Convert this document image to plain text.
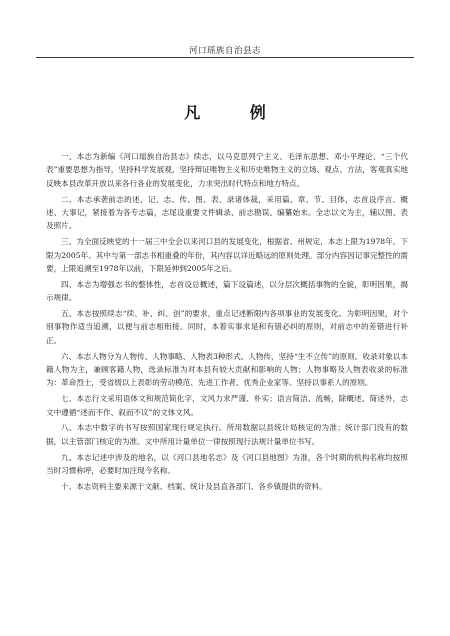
河口瑶族自治县志
凡 例

一、本志为新编《河口瑶族自治县志》续志，以马克思列宁主义、毛泽东思想、邓小平理论、“三个代表”重要思想为指导，坚持科学发展观，坚持辩证唯物主义和历史唯物主义的立场、观点、方法，客观真实地反映本县改革开放以来各行各业的发展变化，力求突出时代特点和地方特点。

二、本志承袭前志的述、记、志、传、图、表、录诸体裁，采用篇、章、节、目体，志首设序言、概述、大事记，紧接着为各专志篇，志尾设重要文件辑录、前志勘误、编纂始末。全志以文为主，辅以图、表及照片。

三、为全面反映党的十一届三中全会以来河口县的发展变化，根据省、州规定，本志上限为1978年，下限为2005年。其中与第一部志书相重叠的年份，其内容以详近略远的原则处理。部分内容因记事完整性的需要，上限追溯至1978年以前，下限延伸到2005年之后。

四、本志为增强志书的整体性，志首设总概述，篇下设篇述，以分层次概括事物的全貌，彰明因果，揭示规律。

五、本志按照续志“续、补、纠、创”的要求，重点记述断限内各项事业的发展变化。为彰明因果，对个别事物作适当追溯，以便与前志相衔接。同时，本着实事求是和有错必纠的原则，对前志中的差错进行补正。

六、本志人物分为人物传、人物事略、人物表3种形式。人物传，坚持“生不立传”的原则。收录对象以本籍人物为主，兼顾客籍人物，选录标准为对本县有较大贡献和影响的人物；人物事略及人物表收录的标准为：革命烈士，受省级以上表彰的劳动模范、先进工作者、优秀企业家等。坚持以事系人的原则。

七、本志行文采用语体文和规范简化字，文风力求严谨、朴实；语言简洁、流畅，除概述、简述外，志文中遵循“述而不作、叙而不议”的文体文风。

八、本志中数字的书写按照国家现行规定执行。所用数据以县统计局核定的为准；统计部门没有的数据，以主管部门核定的为准。文中所用计量单位一律按照现行法规计量单位书写。

九、本志记述中涉及的地名，以《河口县地名志》及《河口县地图》为准，各个时期的机构名称均按照当时习惯称呼，必要时加注现今名称。

十、本志资料主要来源于文献、档案、统计及县直各部门、各乡镇提供的资料。
